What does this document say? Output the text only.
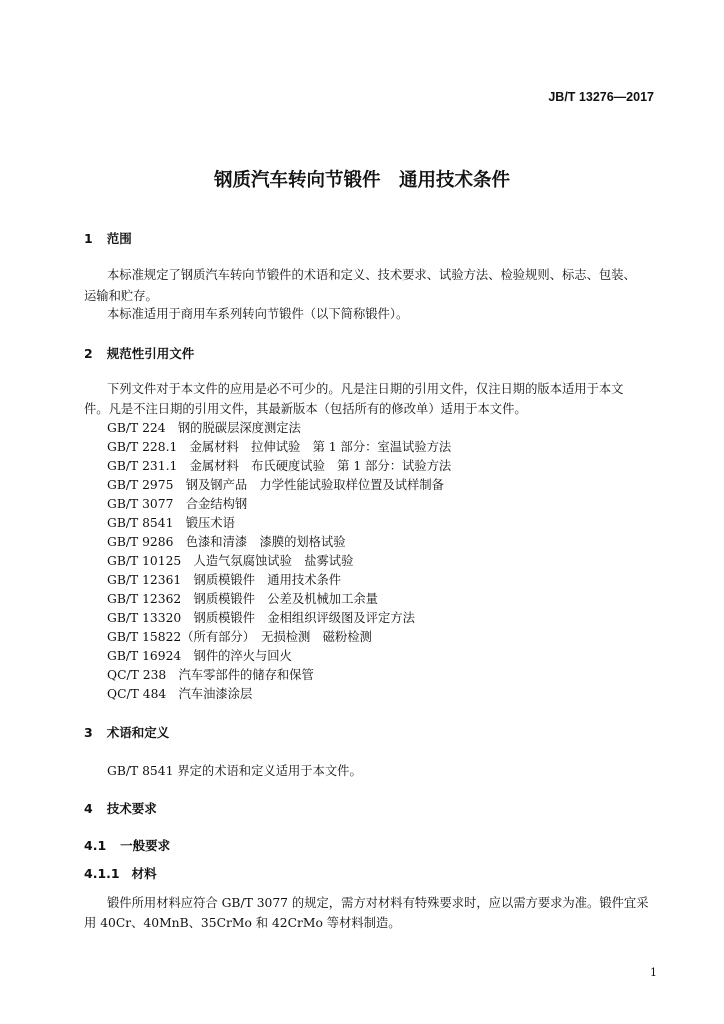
JB/T 13276—2017
钢质汽车转向节锻件　通用技术条件
1 范围
本标准规定了钢质汽车转向节锻件的术语和定义、技术要求、试验方法、检验规则、标志、包装、
运输和贮存。
本标准适用于商用车系列转向节锻件（以下简称锻件）。
2 规范性引用文件
下列文件对于本文件的应用是必不可少的。凡是注日期的引用文件，仅注日期的版本适用于本文
件。凡是不注日期的引用文件，其最新版本（包括所有的修改单）适用于本文件。
GB/T 224　钢的脱碳层深度测定法
GB/T 228.1　金属材料　拉伸试验　第 1 部分：室温试验方法
GB/T 231.1　金属材料　布氏硬度试验　第 1 部分：试验方法
GB/T 2975　钢及钢产品　力学性能试验取样位置及试样制备
GB/T 3077　合金结构钢
GB/T 8541　锻压术语
GB/T 9286　色漆和清漆　漆膜的划格试验
GB/T 10125　人造气氛腐蚀试验　盐雾试验
GB/T 12361　钢质模锻件　通用技术条件
GB/T 12362　钢质模锻件　公差及机械加工余量
GB/T 13320　钢质模锻件　金相组织评级图及评定方法
GB/T 15822（所有部分）　无损检测　磁粉检测
GB/T 16924　钢件的淬火与回火
QC/T 238　汽车零部件的储存和保管
QC/T 484　汽车油漆涂层
3 术语和定义
GB/T 8541 界定的术语和定义适用于本文件。
4 技术要求
4.1 一般要求
4.1.1 材料
锻件所用材料应符合 GB/T 3077 的规定，需方对材料有特殊要求时，应以需方要求为准。锻件宜采
用 40Cr、40MnB、35CrMo 和 42CrMo 等材料制造。
1
